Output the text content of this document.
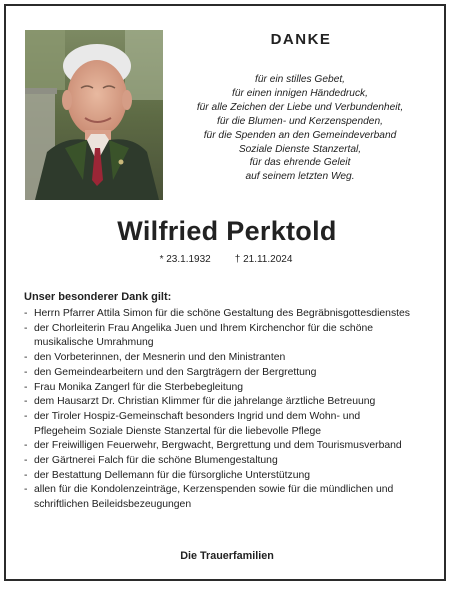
DANKE
für ein stilles Gebet,
für einen innigen Händedruck,
für alle Zeichen der Liebe und Verbundenheit,
für die Blumen- und Kerzenspenden,
für die Spenden an den Gemeindeverband
Soziale Dienste Stanzertal,
für das ehrende Geleit
auf seinem letzten Weg.
Wilfried Perktold
* 23.1.1932 † 21.11.2024
Unser besonderer Dank gilt:
- Herrn Pfarrer Attila Simon für die schöne Gestaltung des Begräbnisgottesdienstes
- der Chorleiterin Frau Angelika Juen und Ihrem Kirchenchor für die schöne
musikalische Umrahmung
- den Vorbeterinnen, der Mesnerin und den Ministranten
- den Gemeindearbeitern und den Sargträgern der Bergrettung
- Frau Monika Zangerl für die Sterbebegleitung
- dem Hausarzt Dr. Christian Klimmer für die jahrelange ärztliche Betreuung
- der Tiroler Hospiz-Gemeinschaft besonders Ingrid und dem Wohn- und
Pflegeheim Soziale Dienste Stanzertal für die liebevolle Pflege
- der Freiwilligen Feuerwehr, Bergwacht, Bergrettung und dem Tourismusverband
- der Gärtnerei Falch für die schöne Blumengestaltung
- der Bestattung Dellemann für die fürsorgliche Unterstützung
- allen für die Kondolenzeinträge, Kerzenspenden sowie für die mündlichen und
schriftlichen Beileidsbezeugungen
Die Trauerfamilien
